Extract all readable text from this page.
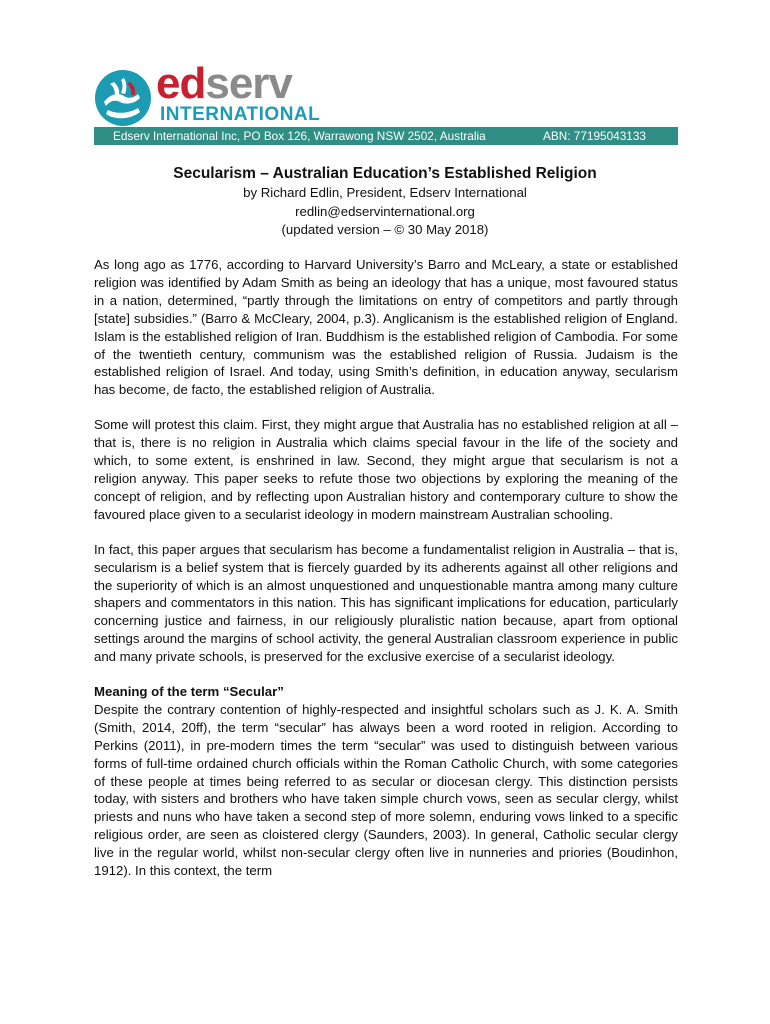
edserv
INTERNATIONAL
Edserv International Inc, PO Box 126, Warrawong NSW 2502, Australia	ABN: 77195043133
Secularism – Australian Education’s Established Religion
by Richard Edlin, President, Edserv International
redlin@edservinternational.org
(updated version – © 30 May 2018)

As long ago as 1776, according to Harvard University’s Barro and McLeary, a state or established religion was identified by Adam Smith as being an ideology that has a unique, most favoured status in a nation, determined, “partly through the limitations on entry of competitors and partly through [state] subsidies.” (Barro & McCleary, 2004, p.3). Anglicanism is the established religion of England. Islam is the established religion of Iran. Buddhism is the established religion of Cambodia. For some of the twentieth century, communism was the established religion of Russia. Judaism is the established religion of Israel. And today, using Smith’s definition, in education anyway, secularism has become, de facto, the established religion of Australia.

Some will protest this claim. First, they might argue that Australia has no established religion at all – that is, there is no religion in Australia which claims special favour in the life of the society and which, to some extent, is enshrined in law. Second, they might argue that secularism is not a religion anyway. This paper seeks to refute those two objections by exploring the meaning of the concept of religion, and by reflecting upon Australian history and contemporary culture to show the favoured place given to a secularist ideology in modern mainstream Australian schooling.

In fact, this paper argues that secularism has become a fundamentalist religion in Australia – that is, secularism is a belief system that is fiercely guarded by its adherents against all other religions and the superiority of which is an almost unquestioned and unquestionable mantra among many culture shapers and commentators in this nation. This has significant implications for education, particularly concerning justice and fairness, in our religiously pluralistic nation because, apart from optional settings around the margins of school activity, the general Australian classroom experience in public and many private schools, is preserved for the exclusive exercise of a secularist ideology.

Meaning of the term “Secular”

Despite the contrary contention of highly-respected and insightful scholars such as J. K. A. Smith (Smith, 2014, 20ff), the term “secular” has always been a word rooted in religion. According to Perkins (2011), in pre-modern times the term “secular” was used to distinguish between various forms of full-time ordained church officials within the Roman Catholic Church, with some categories of these people at times being referred to as secular or diocesan clergy. This distinction persists today, with sisters and brothers who have taken simple church vows, seen as secular clergy, whilst priests and nuns who have taken a second step of more solemn, enduring vows linked to a specific religious order, are seen as cloistered clergy (Saunders, 2003). In general, Catholic secular clergy live in the regular world, whilst non-secular clergy often live in nunneries and priories (Boudinhon, 1912). In this context, the term
